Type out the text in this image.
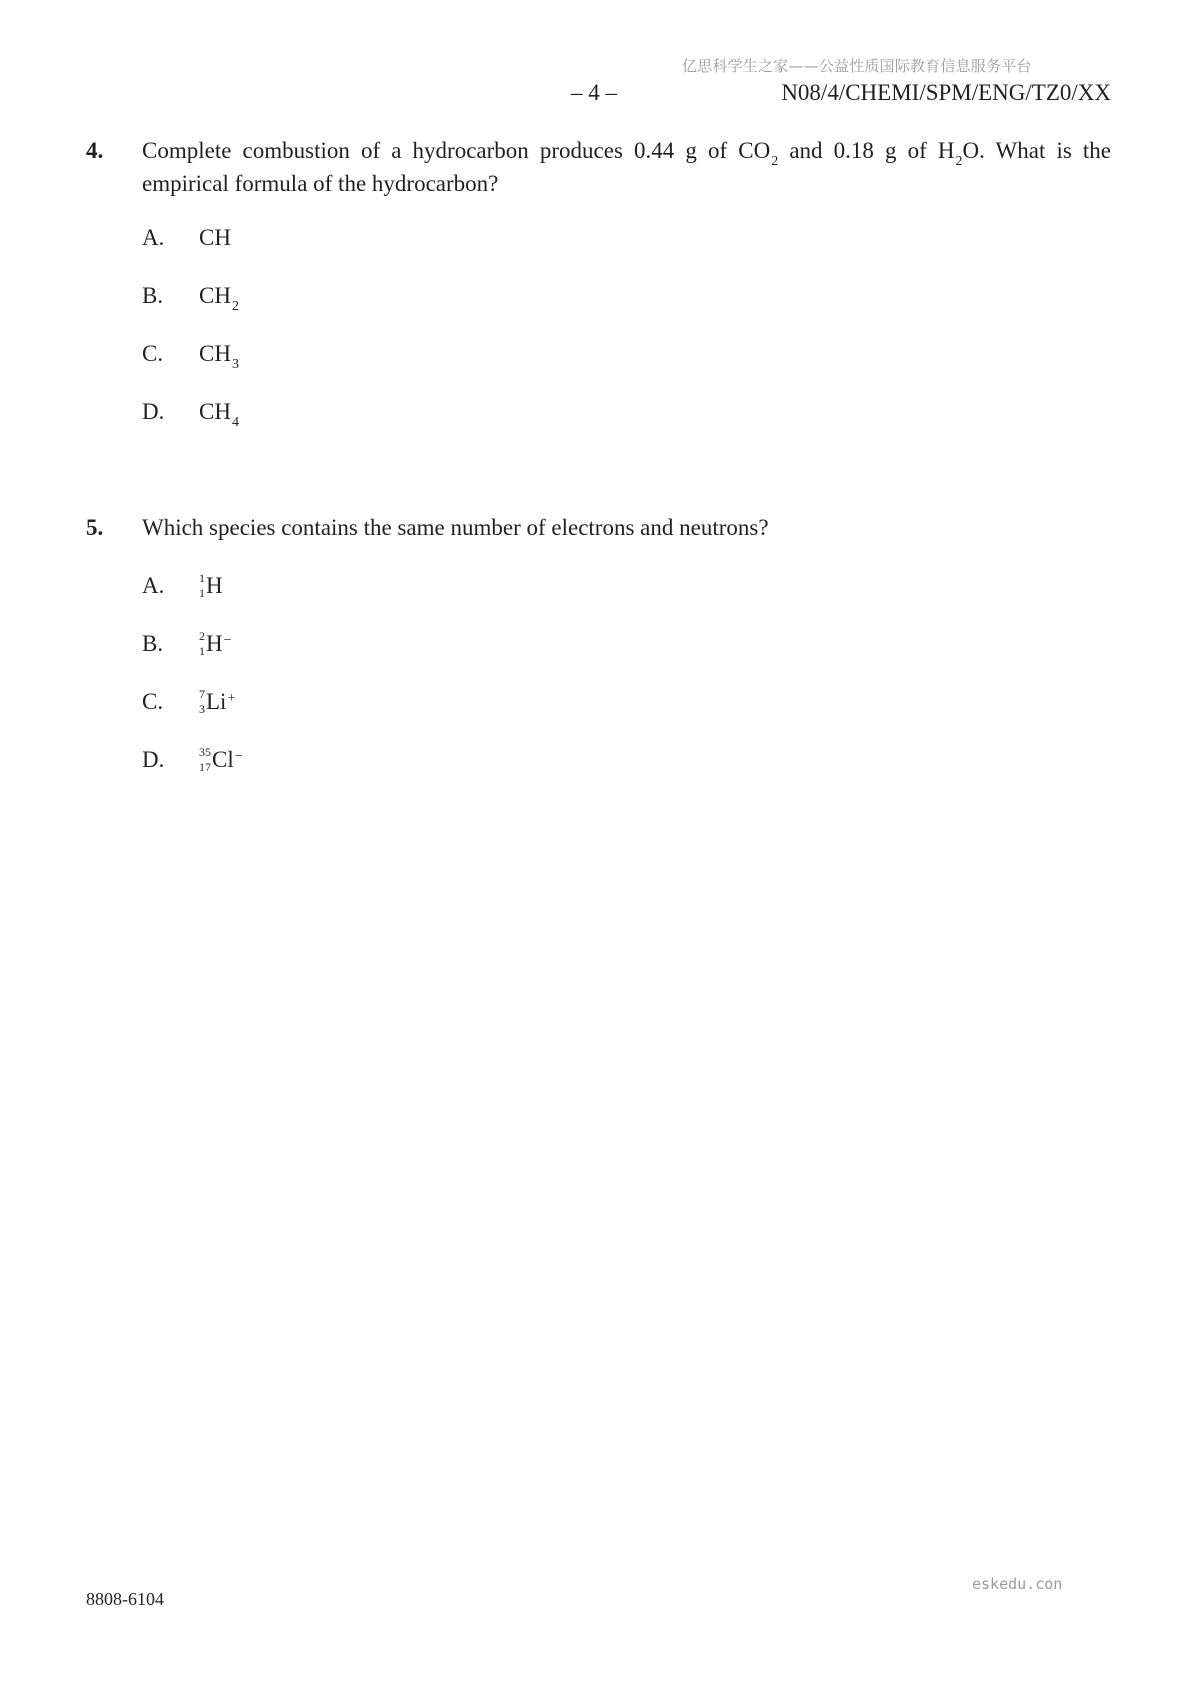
亿思科学生之家——公益性质国际教育信息服务平台
– 4 –	N08/4/CHEMI/SPM/ENG/TZ0/XX
4. Complete combustion of a hydrocarbon produces 0.44 g of $CO_2$ and 0.18 g of $H_2O$. What is the empirical formula of the hydrocarbon?
A. CH
B. $CH_2$
C. $CH_3$
D. $CH_4$
5. Which species contains the same number of electrons and neutrons?
A.	1
1 H
B.	2
1 H−
C.	7
3 Li+
D.	35
17 Cl−
eskedu.con
8808-6104
